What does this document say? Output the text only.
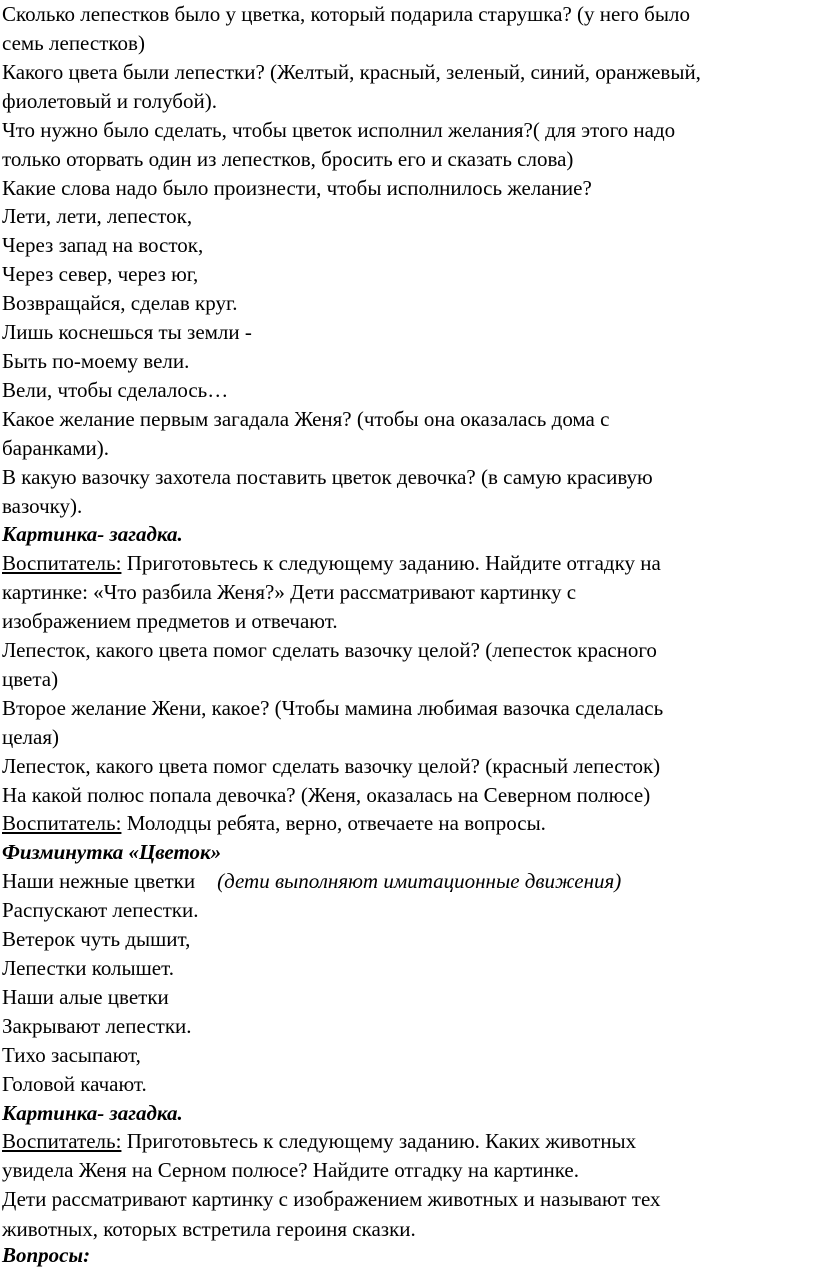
Сколько лепестков было у цветка, который подарила старушка? (у него было

семь лепестков)

Какого цвета были лепестки? (Желтый, красный, зеленый, синий, оранжевый,

фиолетовый и голубой).

Что нужно было сделать, чтобы цветок исполнил желания?( для этого надо

только оторвать один из лепестков, бросить его и сказать слова)

Какие слова надо было произнести, чтобы исполнилось желание?

Лети, лети, лепесток,

Через запад на восток,

Через север, через юг,

Возвращайся, сделав круг.

Лишь коснешься ты земли -

Быть по-моему вели.

Вели, чтобы сделалось…

Какое желание первым загадала Женя? (чтобы она оказалась дома с

баранками).

В какую вазочку захотела поставить цветок девочка? (в самую красивую

вазочку).

Картинка- загадка.

Воспитатель: Приготовьтесь к следующему заданию. Найдите отгадку на

картинке: «Что разбила Женя?» Дети рассматривают картинку с

изображением предметов и отвечают.

Лепесток, какого цвета помог сделать вазочку целой? (лепесток красного

цвета)

Второе желание Жени, какое? (Чтобы мамина любимая вазочка сделалась

целая)

Лепесток, какого цвета помог сделать вазочку целой? (красный лепесток)

На какой полюс попала девочка? (Женя, оказалась на Северном полюсе)

Воспитатель: Молодцы ребята, верно, отвечаете на вопросы.

Физминутка «Цветок»

Наши нежные цветки (дети выполняют имитационные движения)

Распускают лепестки.

Ветерок чуть дышит,

Лепестки колышет.

Наши алые цветки

Закрывают лепестки.

Тихо засыпают,

Головой качают.

Картинка- загадка.

Воспитатель: Приготовьтесь к следующему заданию. Каких животных

увидела Женя на Серном полюсе? Найдите отгадку на картинке.

Дети рассматривают картинку с изображением животных и называют тех

животных, которых встретила героиня сказки.

Вопросы:
